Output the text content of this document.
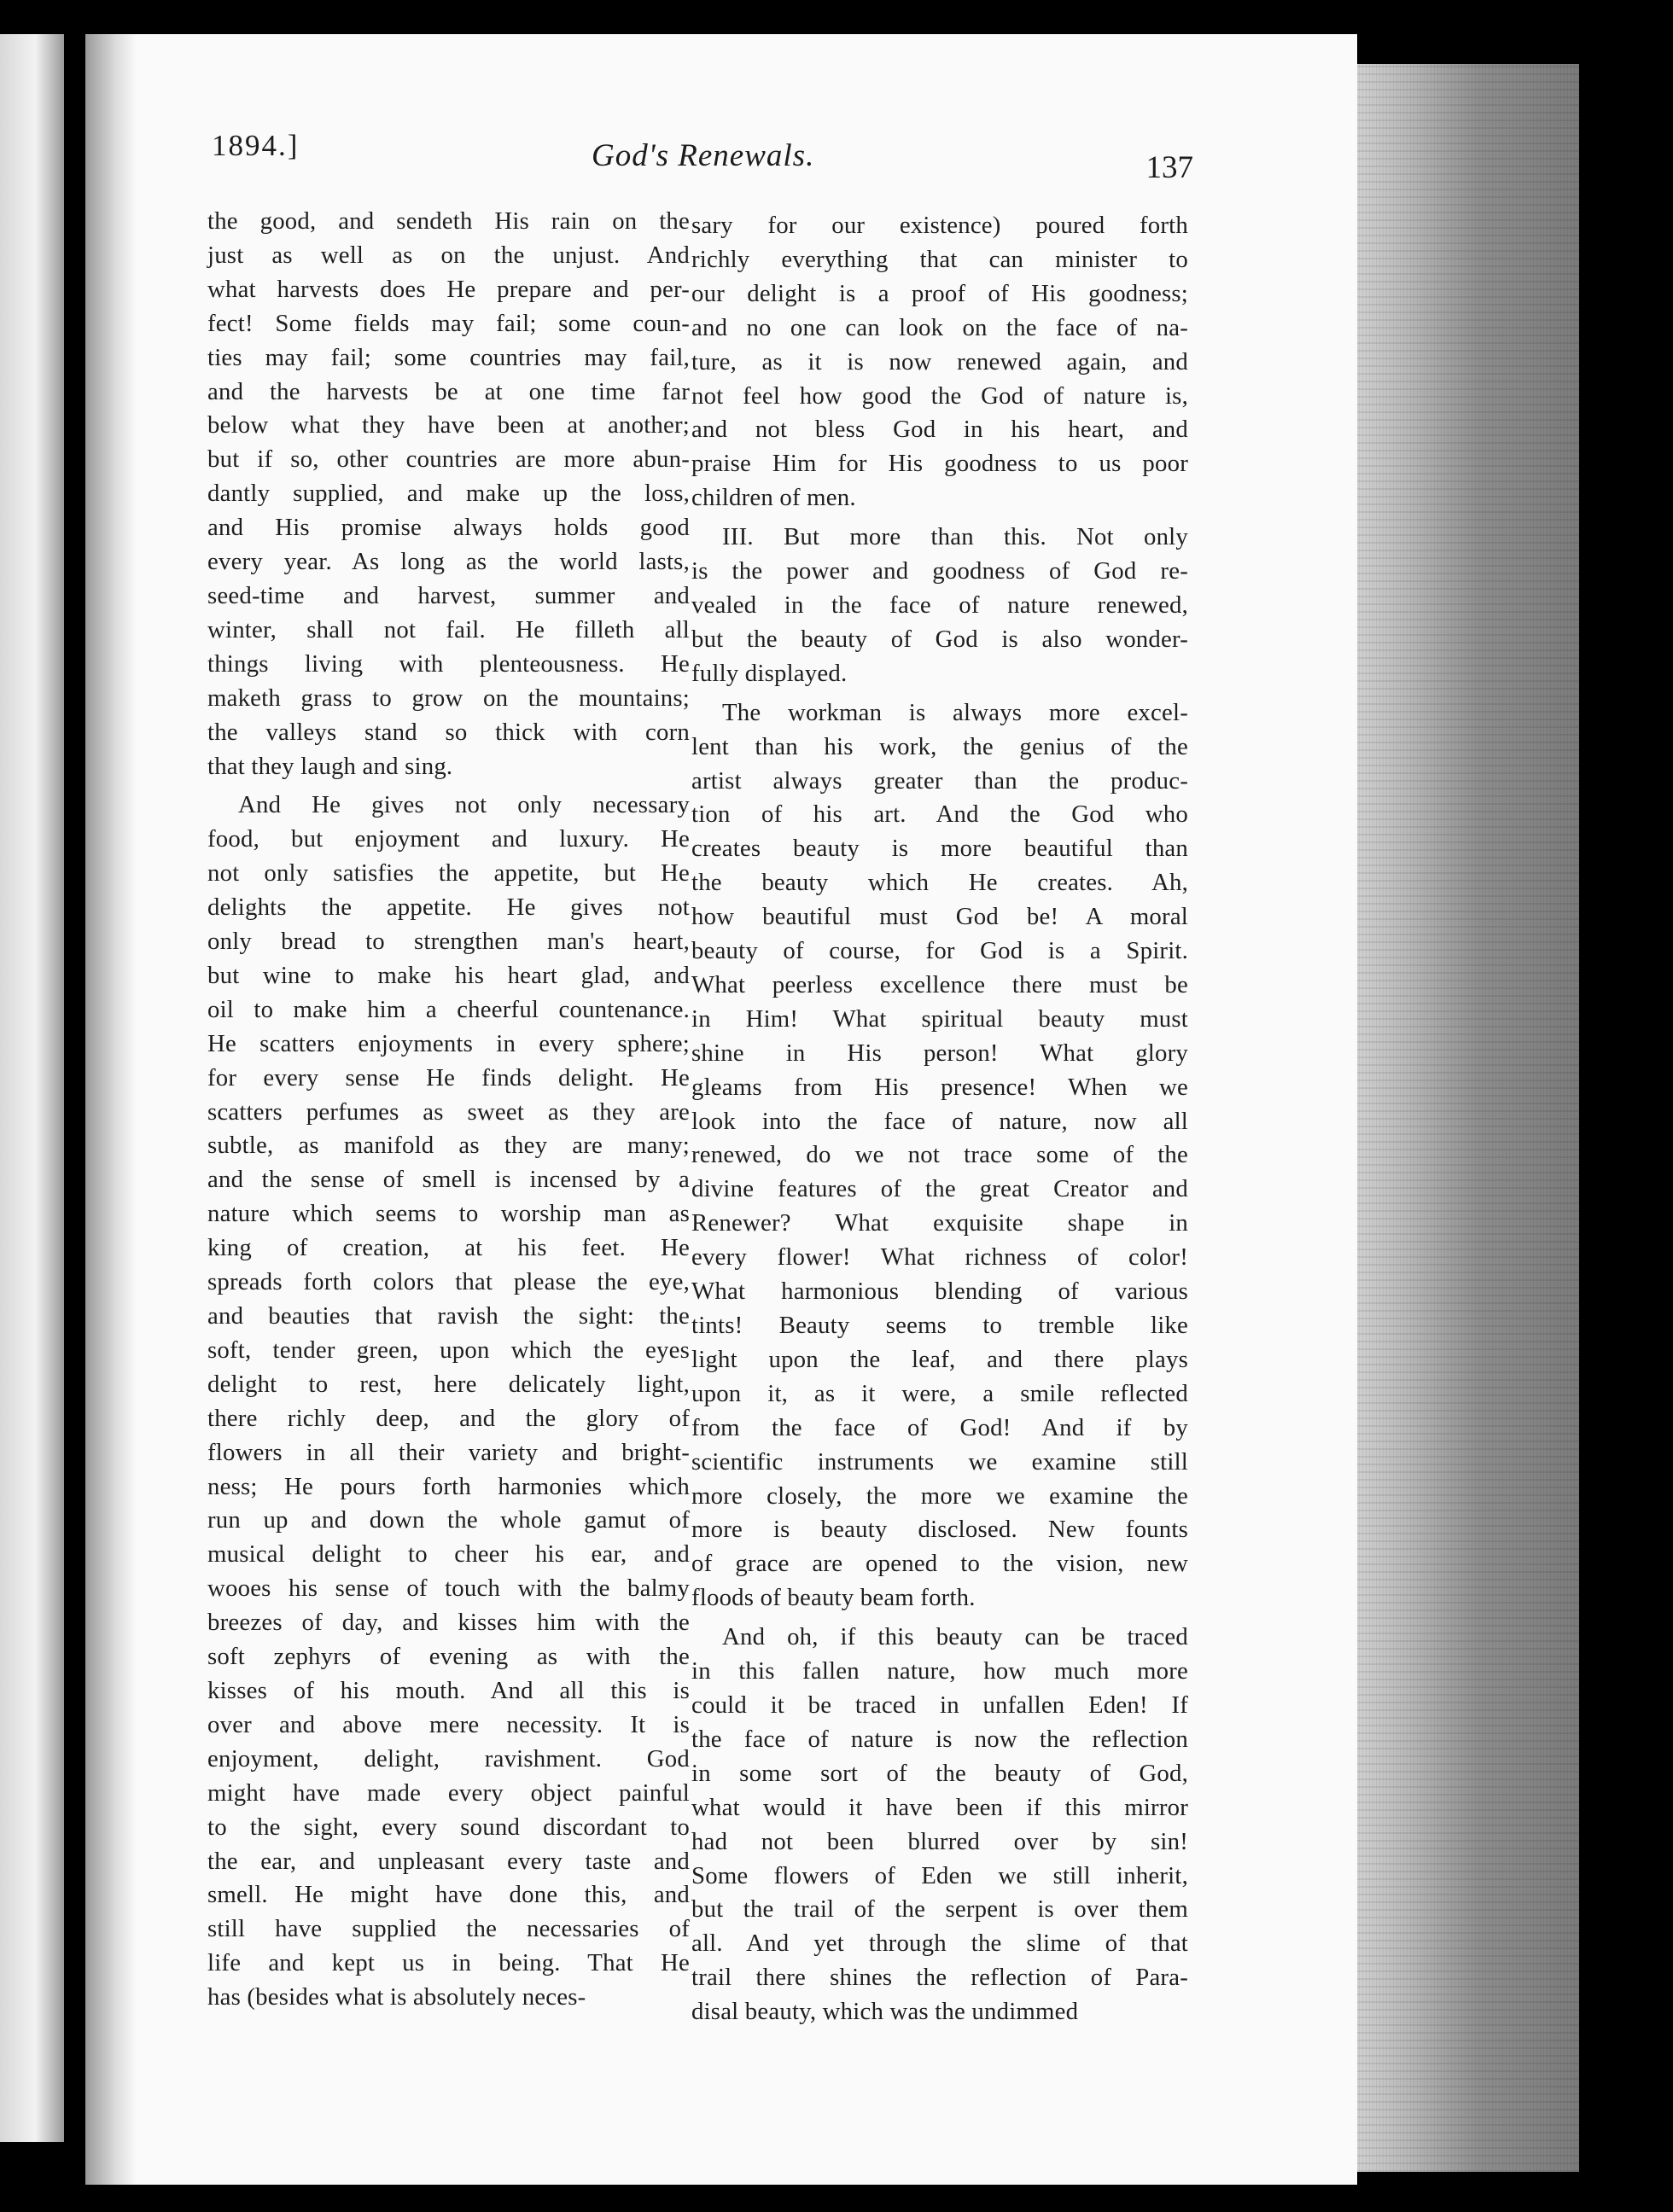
1894.]	God's Renewals.	137
the good, and sendeth His rain on the
just as well as on the unjust. And
what harvests does He prepare and per-
fect! Some fields may fail; some coun-
ties may fail; some countries may fail,
and the harvests be at one time far
below what they have been at another;
but if so, other countries are more abun-
dantly supplied, and make up the loss,
and His promise always holds good
every year. As long as the world lasts,
seed-time and harvest, summer and
winter, shall not fail. He filleth all
things living with plenteousness. He
maketh grass to grow on the mountains;
the valleys stand so thick with corn
that they laugh and sing.
And He gives not only necessary
food, but enjoyment and luxury. He
not only satisfies the appetite, but He
delights the appetite. He gives not
only bread to strengthen man's heart,
but wine to make his heart glad, and
oil to make him a cheerful countenance.
He scatters enjoyments in every sphere;
for every sense He finds delight. He
scatters perfumes as sweet as they are
subtle, as manifold as they are many;
and the sense of smell is incensed by a
nature which seems to worship man as
king of creation, at his feet. He
spreads forth colors that please the eye,
and beauties that ravish the sight: the
soft, tender green, upon which the eyes
delight to rest, here delicately light,
there richly deep, and the glory of
flowers in all their variety and bright-
ness; He pours forth harmonies which
run up and down the whole gamut of
musical delight to cheer his ear, and
wooes his sense of touch with the balmy
breezes of day, and kisses him with the
soft zephyrs of evening as with the
kisses of his mouth. And all this is
over and above mere necessity. It is
enjoyment, delight, ravishment. God
might have made every object painful
to the sight, every sound discordant to
the ear, and unpleasant every taste and
smell. He might have done this, and
still have supplied the necessaries of
life and kept us in being. That He
has (besides what is absolutely neces-
sary for our existence) poured forth
richly everything that can minister to
our delight is a proof of His goodness;
and no one can look on the face of na-
ture, as it is now renewed again, and
not feel how good the God of nature is,
and not bless God in his heart, and
praise Him for His goodness to us poor
children of men.
III. But more than this. Not only
is the power and goodness of God re-
vealed in the face of nature renewed,
but the beauty of God is also wonder-
fully displayed.
The workman is always more excel-
lent than his work, the genius of the
artist always greater than the produc-
tion of his art. And the God who
creates beauty is more beautiful than
the beauty which He creates. Ah,
how beautiful must God be! A moral
beauty of course, for God is a Spirit.
What peerless excellence there must be
in Him! What spiritual beauty must
shine in His person! What glory
gleams from His presence! When we
look into the face of nature, now all
renewed, do we not trace some of the
divine features of the great Creator and
Renewer? What exquisite shape in
every flower! What richness of color!
What harmonious blending of various
tints! Beauty seems to tremble like
light upon the leaf, and there plays
upon it, as it were, a smile reflected
from the face of God! And if by
scientific instruments we examine still
more closely, the more we examine the
more is beauty disclosed. New founts
of grace are opened to the vision, new
floods of beauty beam forth.
And oh, if this beauty can be traced
in this fallen nature, how much more
could it be traced in unfallen Eden! If
the face of nature is now the reflection
in some sort of the beauty of God,
what would it have been if this mirror
had not been blurred over by sin!
Some flowers of Eden we still inherit,
but the trail of the serpent is over them
all. And yet through the slime of that
trail there shines the reflection of Para-
disal beauty, which was the undimmed
